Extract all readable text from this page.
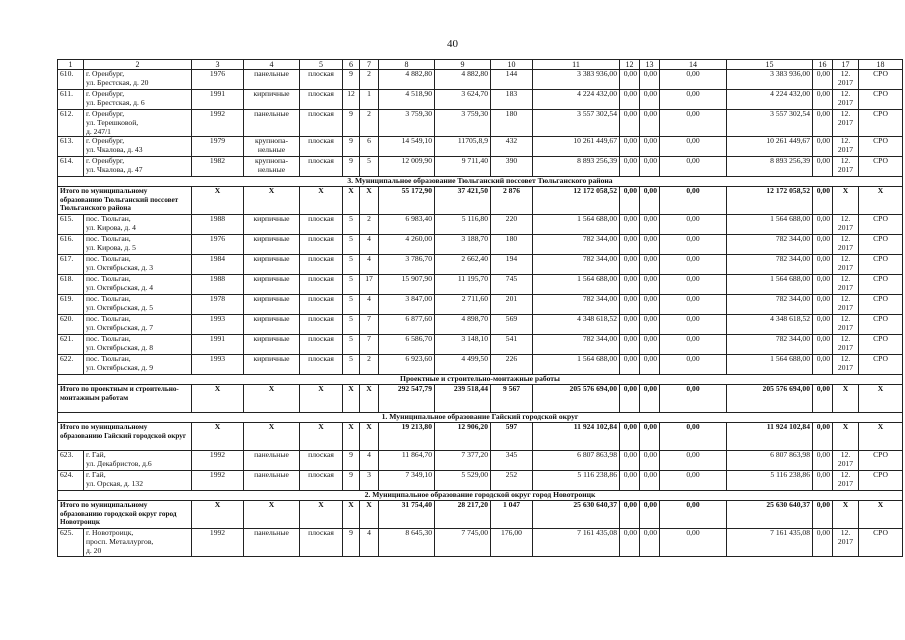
40
1	2	3	4	5	6	7	8	9	10	11	12	13	14	15	16	17	18
610.	г. Оренбург,
ул. Брестская, д. 20	1976	панельные	плоская	9	2	4 882,80	4 882,80	144	3 383 936,00	0,00	0,00	0,00	3 383 936,00	0,00	12.
2017	СРО
611.	г. Оренбург,
ул. Брестская, д. 6	1991	кирпичные	плоская	12	1	4 518,90	3 624,70	183	4 224 432,00	0,00	0,00	0,00	4 224 432,00	0,00	12.
2017	СРО
612.	г. Оренбург,
ул. Терешковой,
д. 247/1	1992	панельные	плоская	9	2	3 759,30	3 759,30	180	3 557 302,54	0,00	0,00	0,00	3 557 302,54	0,00	12.
2017	СРО
613.	г. Оренбург,
ул. Чкалова, д. 43	1979	крупнопа-
нельные	плоская	9	6	14 549,10	11705,8,9	432	10 261 449,67	0,00	0,00	0,00	10 261 449,67	0,00	12.
2017	СРО
614.	г. Оренбург,
ул. Чкалова, д. 47	1982	крупнопа-
нельные	плоская	9	5	12 009,90	9 711,40	390	8 893 256,39	0,00	0,00	0,00	8 893 256,39	0,00	12.
2017	СРО
3. Муниципальное образование Тюльганский поссовет Тюльганского района																	
Итого по муниципальному образованию Тюльганский поссовет Тюльганского района		X	X	X	X	X	55 172,90	37 421,50	2 876	12 172 058,52	0,00	0,00	0,00	12 172 058,52	0,00	X	X
615.	пос. Тюльган,
ул. Кирова, д. 4	1988	кирпичные	плоская	5	2	6 983,40	5 116,80	220	1 564 688,00	0,00	0,00	0,00	1 564 688,00	0,00	12.
2017	СРО
616.	пос. Тюльган,
ул. Кирова, д. 5	1976	кирпичные	плоская	5	4	4 260,00	3 188,70	180	782 344,00	0,00	0,00	0,00	782 344,00	0,00	12.
2017	СРО
617.	пос. Тюльган,
ул. Октябрьская, д. 3	1984	кирпичные	плоская	5	4	3 786,70	2 662,40	194	782 344,00	0,00	0,00	0,00	782 344,00	0,00	12.
2017	СРО
618.	пос. Тюльган,
ул. Октябрьская, д. 4	1988	кирпичные	плоская	5	17	15 907,90	11 195,70	745	1 564 688,00	0,00	0,00	0,00	1 564 688,00	0,00	12.
2017	СРО
619.	пос. Тюльган,
ул. Октябрьская, д. 5	1978	кирпичные	плоская	5	4	3 847,00	2 711,60	201	782 344,00	0,00	0,00	0,00	782 344,00	0,00	12.
2017	СРО
620.	пос. Тюльган,
ул. Октябрьская, д. 7	1993	кирпичные	плоская	5	7	6 877,60	4 898,70	569	4 348 618,52	0,00	0,00	0,00	4 348 618,52	0,00	12.
2017	СРО
621.	пос. Тюльган,
ул. Октябрьская, д. 8	1991	кирпичные	плоская	5	7	6 586,70	3 148,10	541	782 344,00	0,00	0,00	0,00	782 344,00	0,00	12.
2017	СРО
622.	пос. Тюльган,
ул. Октябрьская, д. 9	1993	кирпичные	плоская	5	2	6 923,60	4 499,50	226	1 564 688,00	0,00	0,00	0,00	1 564 688,00	0,00	12.
2017	СРО
Проектные и строительно-монтажные работы																	
Итого по проектным и строительно-монтажным работам		X	X	X	X	X	292 547,79	239 518,44	9 567	205 576 694,00	0,00	0,00	0,00	205 576 694,00	0,00	X	X
1. Муниципальное образование Гайский городской округ																	
Итого по муниципальному образованию Гайский городской округ		X	X	X	X	X	19 213,80	12 906,20	597	11 924 102,84	0,00	0,00	0,00	11 924 102,84	0,00	X	X
623.	г. Гай,
ул. Декабристов, д.6	1992	панельные	плоская	9	4	11 864,70	7 377,20	345	6 807 863,98	0,00	0,00	0,00	6 807 863,98	0,00	12.
2017	СРО
624.	г. Гай,
ул. Орская, д. 132	1992	панельные	плоская	9	3	7 349,10	5 529,00	252	5 116 238,86	0,00	0,00	0,00	5 116 238,86	0,00	12.
2017	СРО
2. Муниципальное образование городской округ город Новотроицк																	
Итого по муниципальному образованию городской округ город Новотроицк		X	X	X	X	X	31 754,40	28 217,20	1 047	25 630 640,37	0,00	0,00	0,00	25 630 640,37	0,00	X	X
625.	г. Новотроицк,
просп. Металлургов,
д. 20	1992	панельные	плоская	9	4	8 645,30	7 745,00	176,00	7 161 435,08	0,00	0,00	0,00	7 161 435,08	0,00	12.
2017	СРО
